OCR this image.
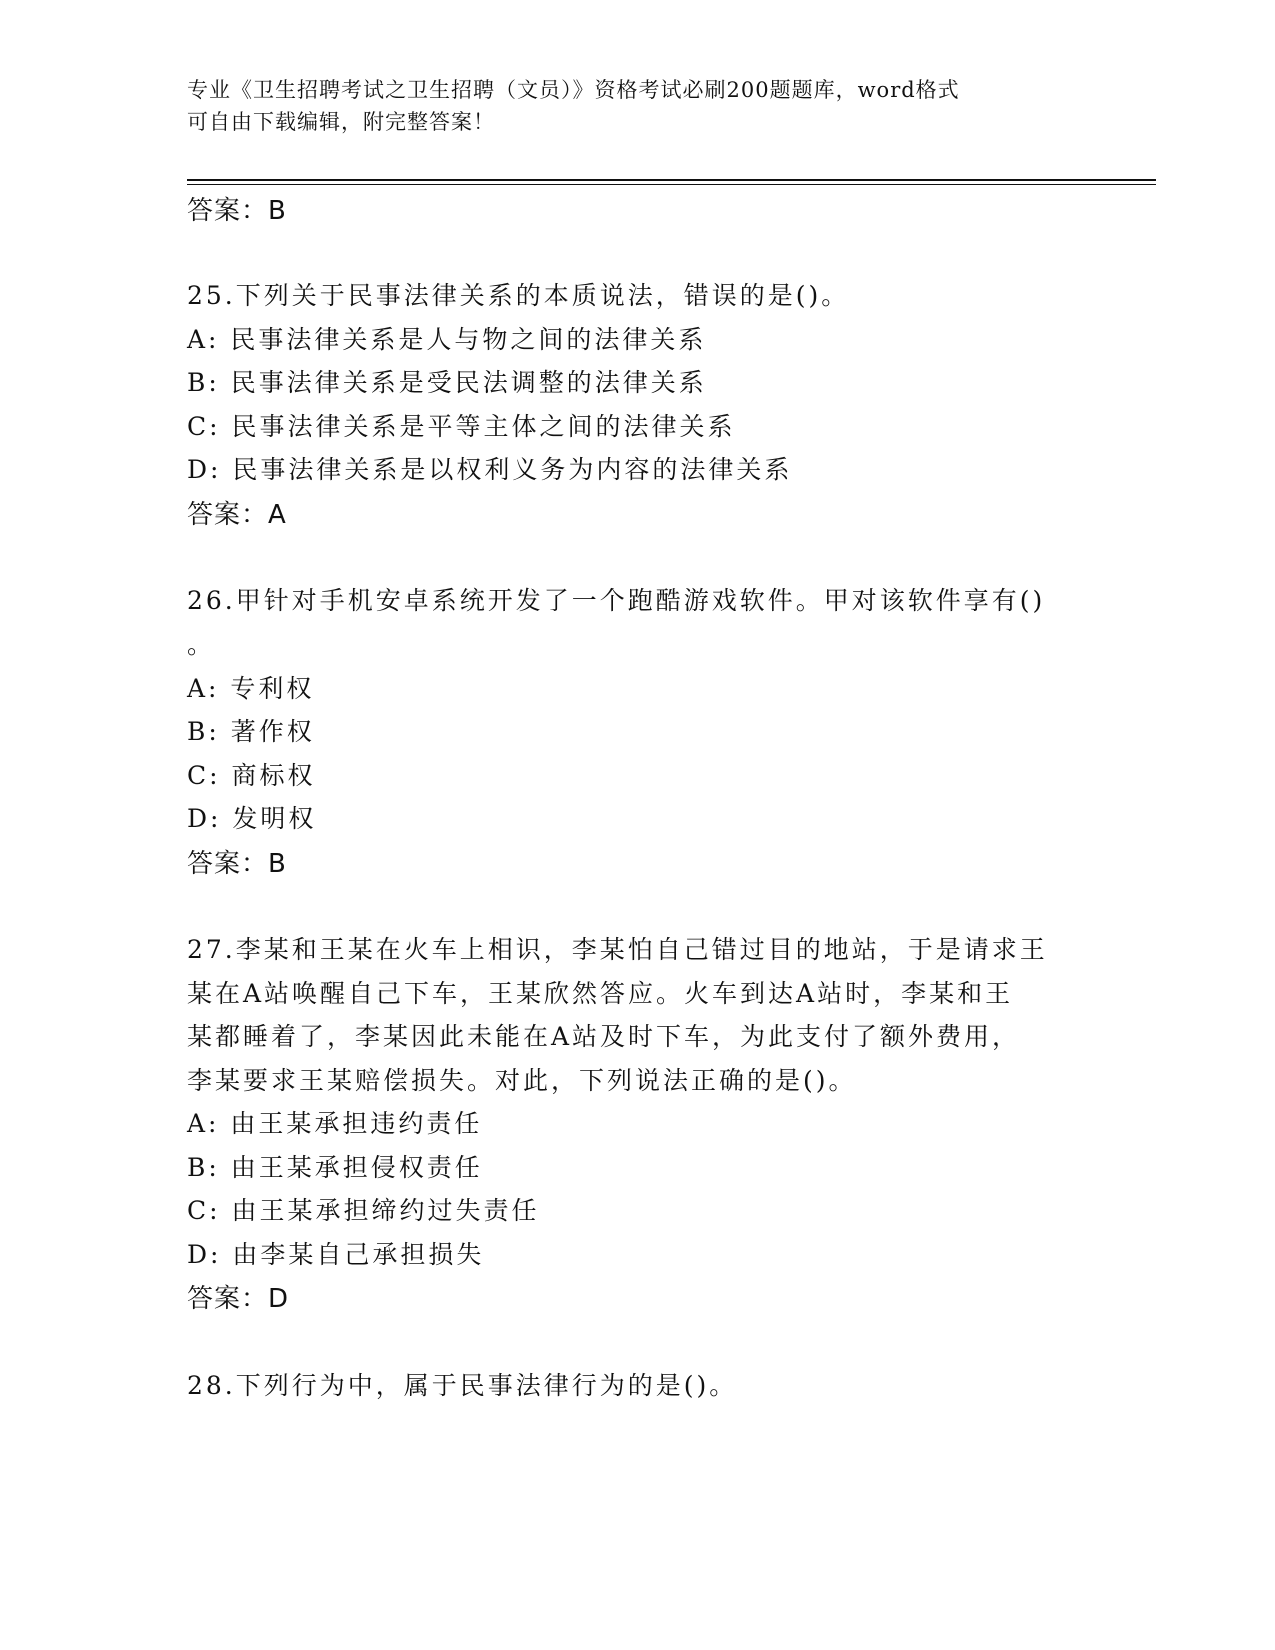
专业《卫生招聘考试之卫生招聘（文员）》资格考试必刷200题题库，word格式
可自由下载编辑，附完整答案！
答案：B
25.下列关于民事法律关系的本质说法，错误的是()。
A: 民事法律关系是人与物之间的法律关系
B: 民事法律关系是受民法调整的法律关系
C: 民事法律关系是平等主体之间的法律关系
D: 民事法律关系是以权利义务为内容的法律关系
答案：A
26.甲针对手机安卓系统开发了一个跑酷游戏软件。甲对该软件享有()
。
A: 专利权
B: 著作权
C: 商标权
D: 发明权
答案：B
27.李某和王某在火车上相识，李某怕自己错过目的地站，于是请求王
某在A站唤醒自己下车，王某欣然答应。火车到达A站时，李某和王
某都睡着了，李某因此未能在A站及时下车，为此支付了额外费用，
李某要求王某赔偿损失。对此，下列说法正确的是()。
A: 由王某承担违约责任
B: 由王某承担侵权责任
C: 由王某承担缔约过失责任
D: 由李某自己承担损失
答案：D
28.下列行为中，属于民事法律行为的是()。
